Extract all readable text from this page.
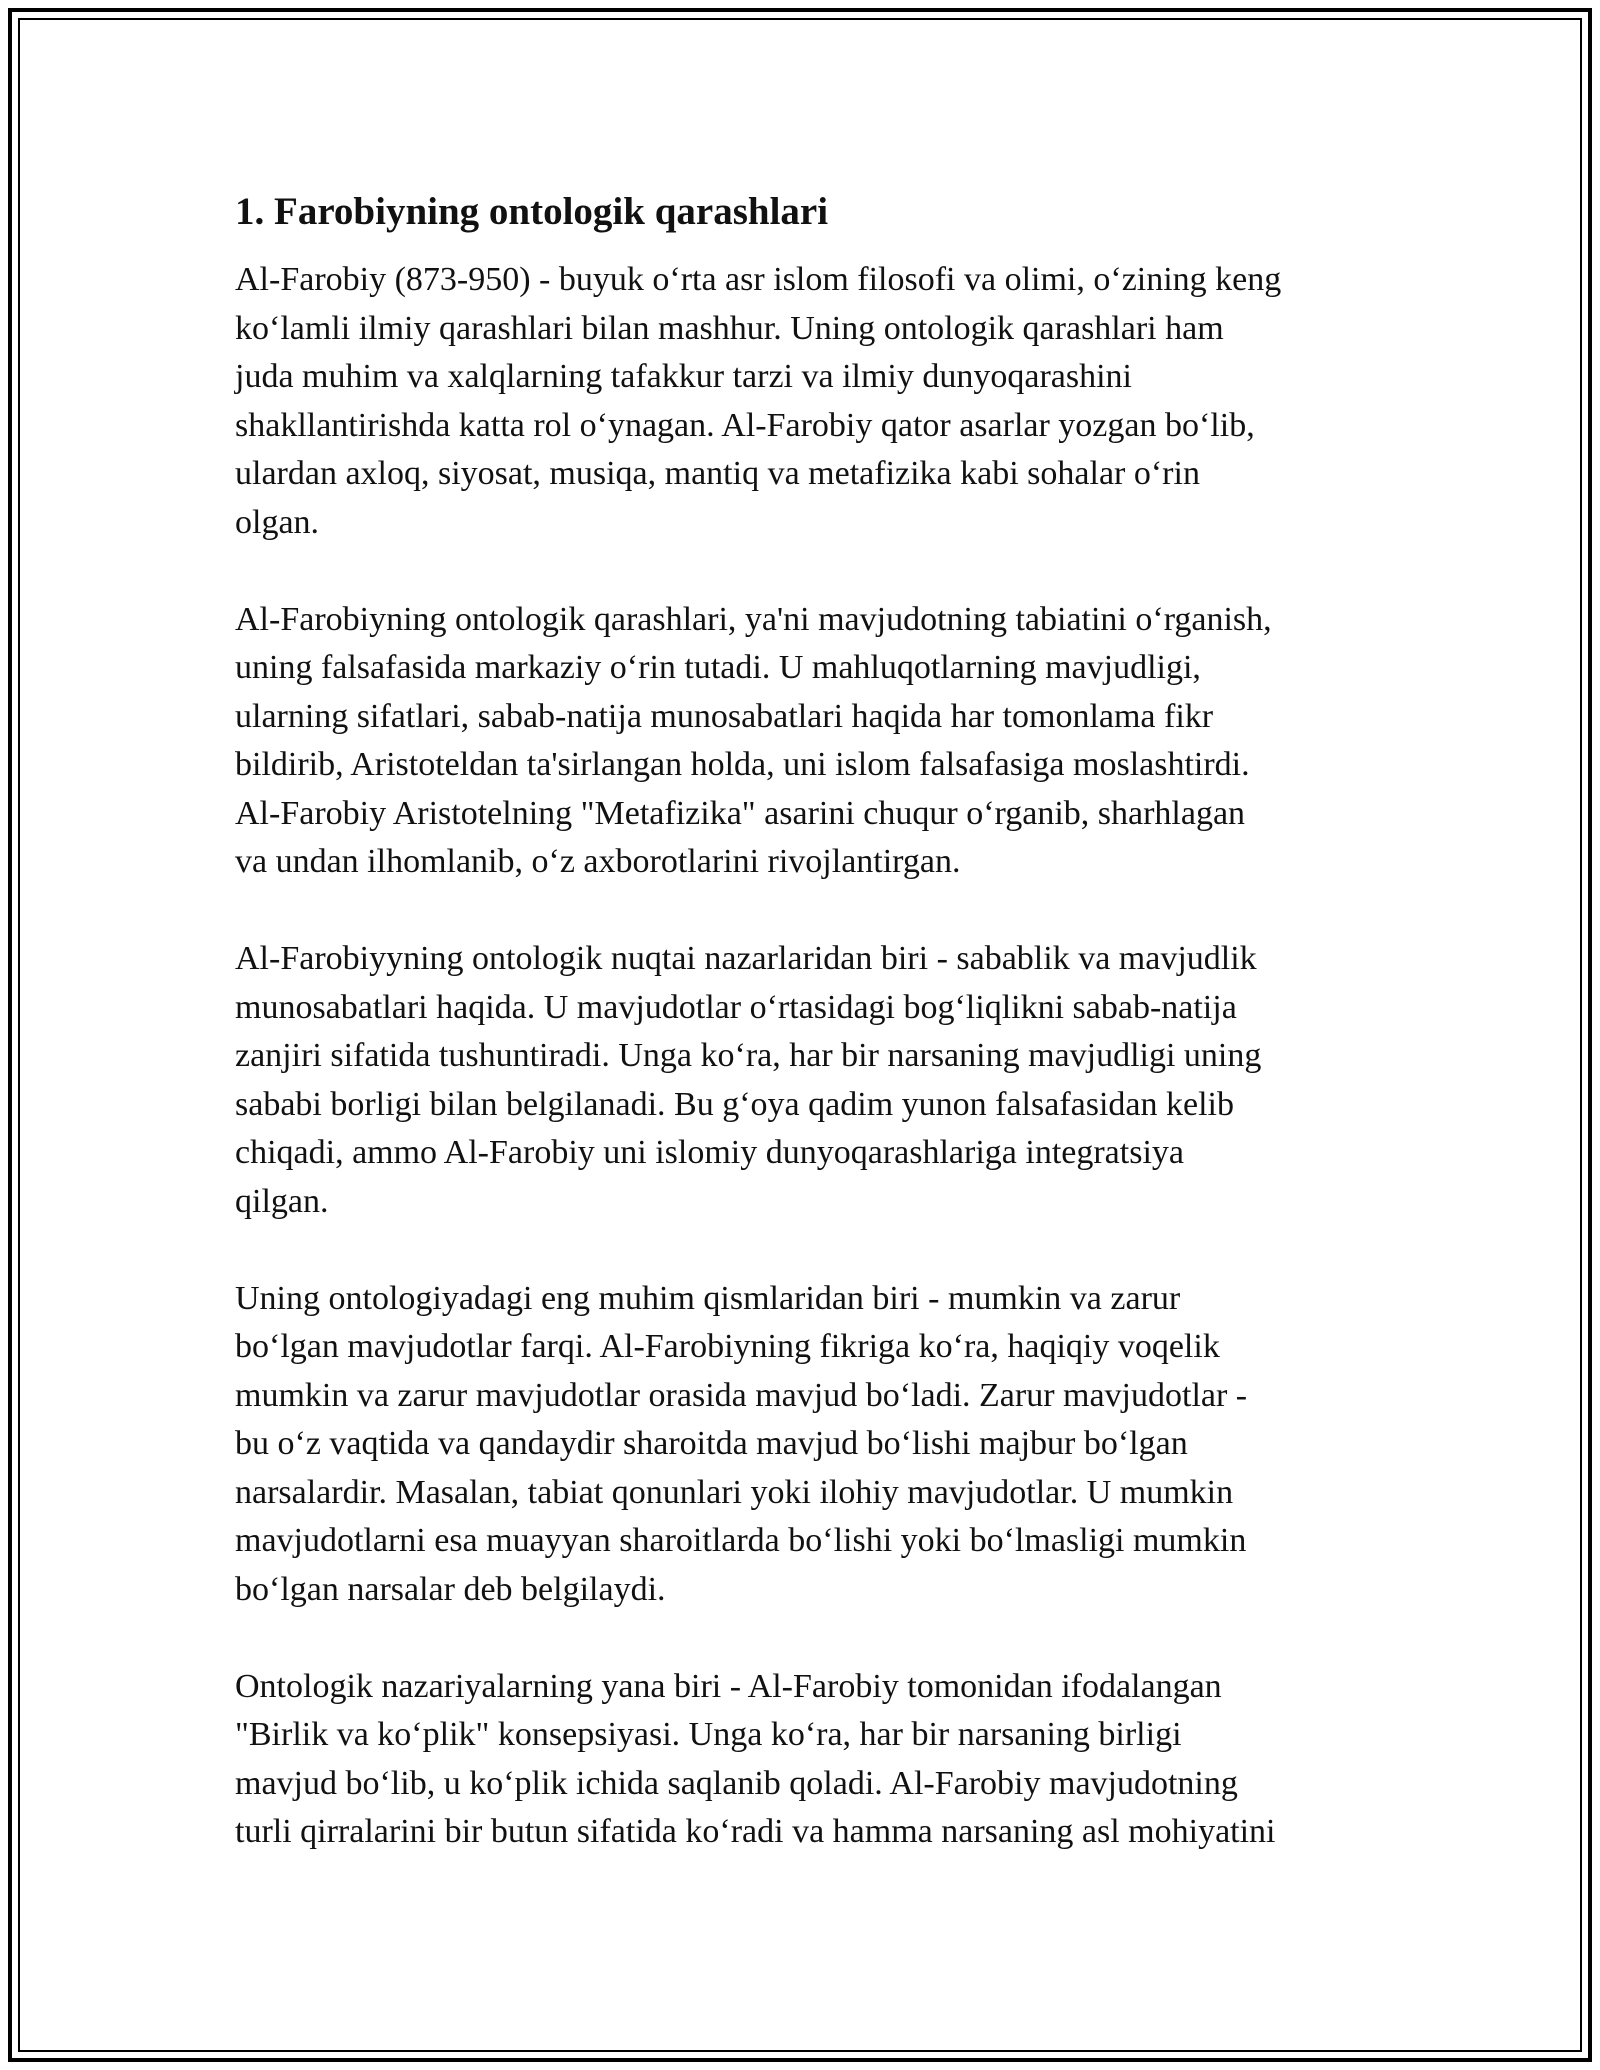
1. Farobiyning ontologik qarashlari

Al-Farobiy (873-950) - buyuk o‘rta asr islom filosofi va olimi, o‘zining keng
ko‘lamli ilmiy qarashlari bilan mashhur. Uning ontologik qarashlari ham
juda muhim va xalqlarning tafakkur tarzi va ilmiy dunyoqarashini
shakllantirishda katta rol o‘ynagan. Al-Farobiy qator asarlar yozgan bo‘lib,
ulardan axloq, siyosat, musiqa, mantiq va metafizika kabi sohalar o‘rin
olgan.

Al-Farobiyning ontologik qarashlari, ya'ni mavjudotning tabiatini o‘rganish,
uning falsafasida markaziy o‘rin tutadi. U mahluqotlarning mavjudligi,
ularning sifatlari, sabab-natija munosabatlari haqida har tomonlama fikr
bildirib, Aristoteldan ta'sirlangan holda, uni islom falsafasiga moslashtirdi.
Al-Farobiy Aristotelning "Metafizika" asarini chuqur o‘rganib, sharhlagan
va undan ilhomlanib, o‘z axborotlarini rivojlantirgan.

Al-Farobiyyning ontologik nuqtai nazarlaridan biri - sabablik va mavjudlik
munosabatlari haqida. U mavjudotlar o‘rtasidagi bog‘liqlikni sabab-natija
zanjiri sifatida tushuntiradi. Unga ko‘ra, har bir narsaning mavjudligi uning
sababi borligi bilan belgilanadi. Bu g‘oya qadim yunon falsafasidan kelib
chiqadi, ammo Al-Farobiy uni islomiy dunyoqarashlariga integratsiya
qilgan.

Uning ontologiyadagi eng muhim qismlaridan biri - mumkin va zarur
bo‘lgan mavjudotlar farqi. Al-Farobiyning fikriga ko‘ra, haqiqiy voqelik
mumkin va zarur mavjudotlar orasida mavjud bo‘ladi. Zarur mavjudotlar -
bu o‘z vaqtida va qandaydir sharoitda mavjud bo‘lishi majbur bo‘lgan
narsalardir. Masalan, tabiat qonunlari yoki ilohiy mavjudotlar. U mumkin
mavjudotlarni esa muayyan sharoitlarda bo‘lishi yoki bo‘lmasligi mumkin
bo‘lgan narsalar deb belgilaydi.

Ontologik nazariyalarning yana biri - Al-Farobiy tomonidan ifodalangan
"Birlik va ko‘plik" konsepsiyasi. Unga ko‘ra, har bir narsaning birligi
mavjud bo‘lib, u ko‘plik ichida saqlanib qoladi. Al-Farobiy mavjudotning
turli qirralarini bir butun sifatida ko‘radi va hamma narsaning asl mohiyatini
